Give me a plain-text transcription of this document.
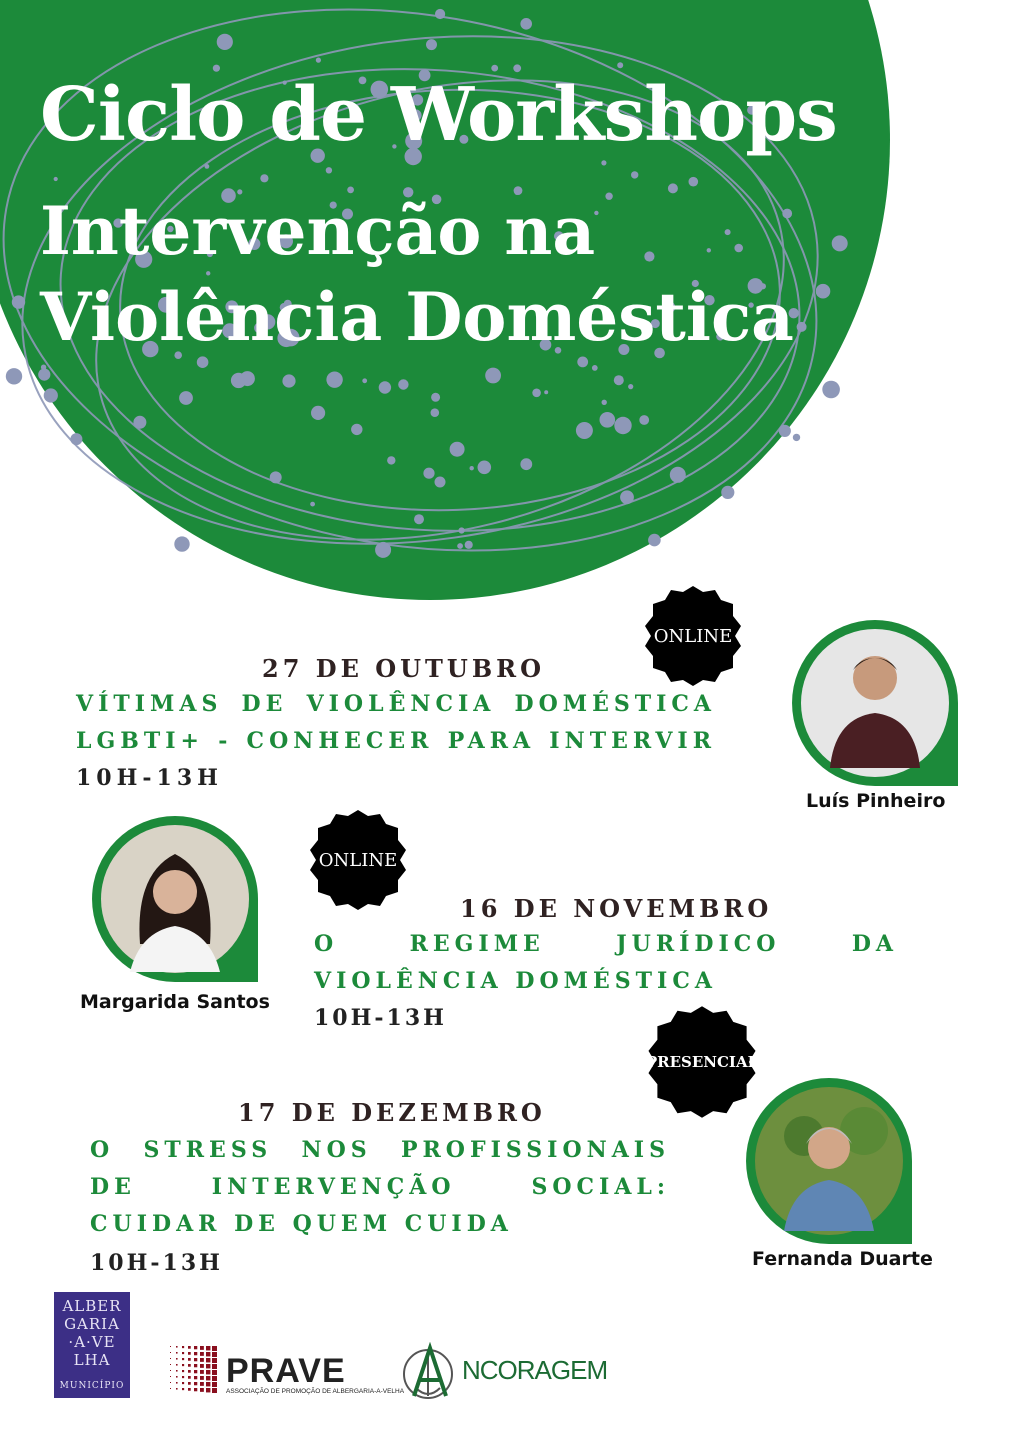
Ciclo de Workshops
Intervenção na
Violência Doméstica
ONLINE
27 DE OUTUBRO
VÍTIMAS DE VIOLÊNCIA DOMÉSTICA LGBTI+ - CONHECER PARA INTERVIR 10H-13H
Luís Pinheiro
Margarida Santos
ONLINE
16 DE NOVEMBRO
O REGIME JURÍDICO DA VIOLÊNCIA DOMÉSTICA
10H-13H
PRESENCIAL
17 DE DEZEMBRO
O STRESS NOS PROFISSIONAIS DE INTERVENÇÃO SOCIAL: CUIDAR DE QUEM CUIDA
10H-13H	Fernanda Duarte
ALBER
GARIA
·A·VE
LHA
MUNICÍPIO	PRAVE
ASSOCIAÇÃO DE PROMOÇÃO DE ALBERGARIA-A-VELHA
NCORAGEM
